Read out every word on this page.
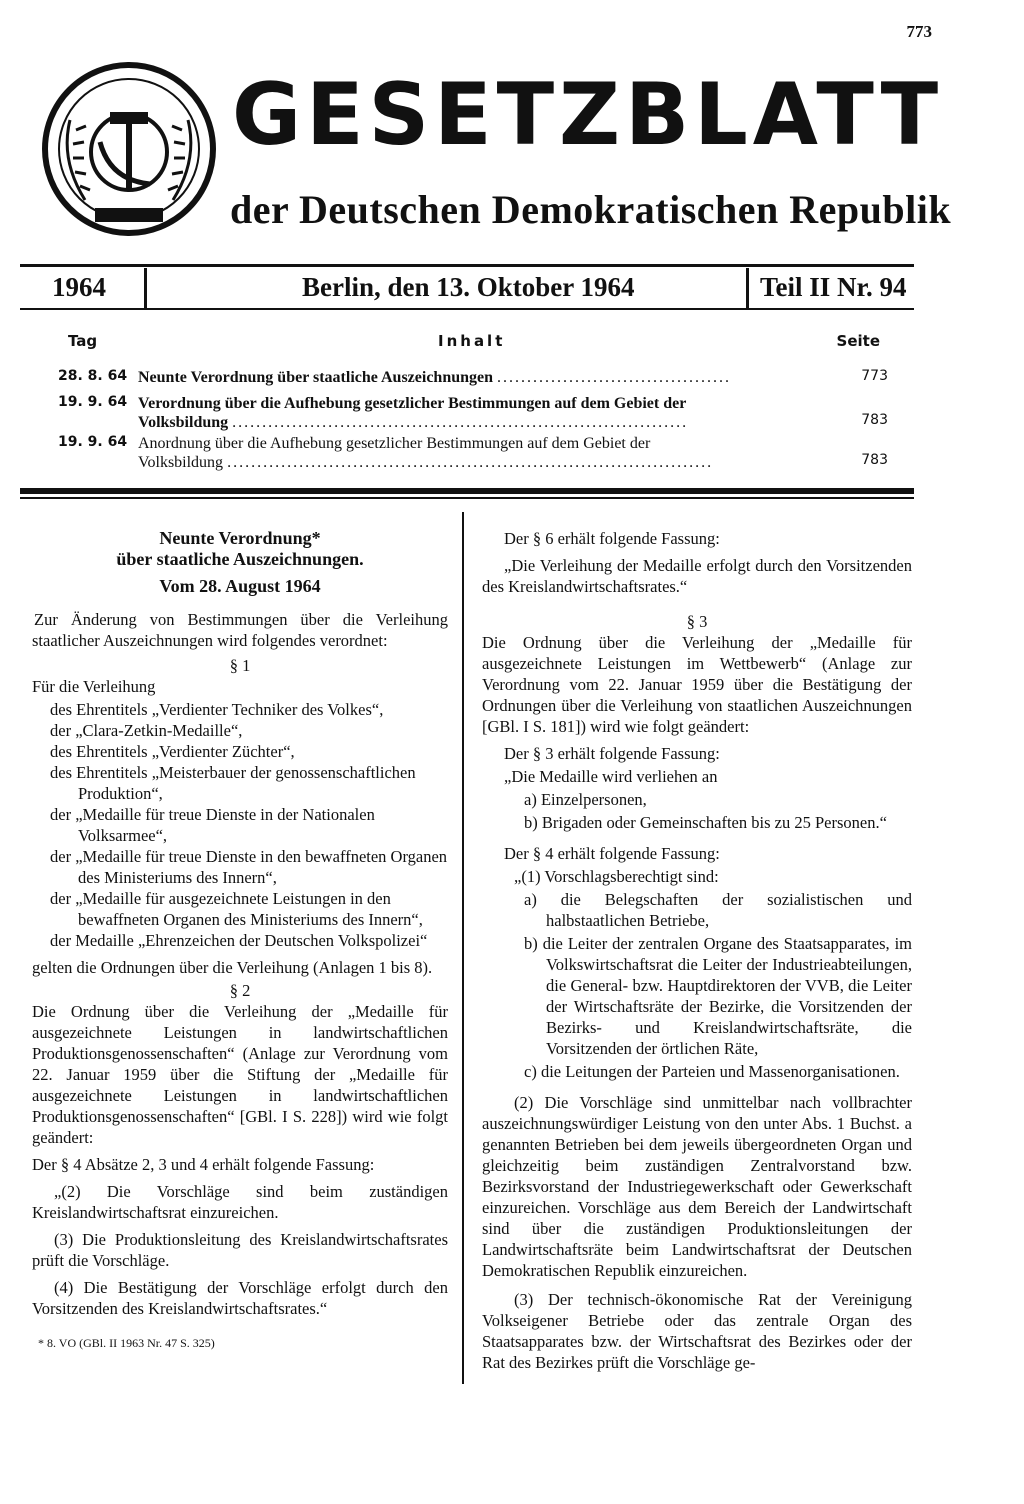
773
GESETZBLATT
der Deutschen Demokratischen Republik
1964	Berlin, den 13. Oktober 1964	Teil II Nr. 94
Tag	Inhalt	Seite
28. 8. 64 Neunte Verordnung über staatliche Auszeichnungen .......................................	773
19. 9. 64 Verordnung über die Aufhebung gesetzlicher Bestimmungen auf dem Gebiet der
Volksbildung ............................................................................	783
19. 9. 64 Anordnung über die Aufhebung gesetzlicher Bestimmungen auf dem Gebiet der
Volksbildung .................................................................................	783

Neunte Verordnung*

über staatliche Auszeichnungen.

Vom 28. August 1964

Zur Änderung von Bestimmungen über die Verleihung staatlicher Auszeichnungen wird folgendes verordnet:

§ 1

Für die Verleihung

des Ehrentitels „Verdienter Techniker des Volkes“,

der „Clara-Zetkin-Medaille“,

des Ehrentitels „Verdienter Züchter“,

des Ehrentitels „Meisterbauer der genossenschaftlichen Produktion“,

der „Medaille für treue Dienste in der Nationalen Volksarmee“,

der „Medaille für treue Dienste in den bewaffneten Organen des Ministeriums des Innern“,

der „Medaille für ausgezeichnete Leistungen in den bewaffneten Organen des Ministeriums des Innern“,

der Medaille „Ehrenzeichen der Deutschen Volkspolizei“

gelten die Ordnungen über die Verleihung (Anlagen 1 bis 8).

§ 2

Die Ordnung über die Verleihung der „Medaille für ausgezeichnete Leistungen in landwirtschaftlichen Produktionsgenossenschaften“ (Anlage zur Verordnung vom 22. Januar 1959 über die Stiftung der „Medaille für ausgezeichnete Leistungen in landwirtschaftlichen Produktionsgenossenschaften“ [GBl. I S. 228]) wird wie folgt geändert:

Der § 4 Absätze 2, 3 und 4 erhält folgende Fassung:

„(2) Die Vorschläge sind beim zuständigen Kreislandwirtschaftsrat einzureichen.

(3) Die Produktionsleitung des Kreislandwirtschaftsrates prüft die Vorschläge.

(4) Die Bestätigung der Vorschläge erfolgt durch den Vorsitzenden des Kreislandwirtschaftsrates.“

* 8. VO (GBl. II 1963 Nr. 47 S. 325)

Der § 6 erhält folgende Fassung:

„Die Verleihung der Medaille erfolgt durch den Vorsitzenden des Kreislandwirtschaftsrates.“

§ 3

Die Ordnung über die Verleihung der „Medaille für ausgezeichnete Leistungen im Wettbewerb“ (Anlage zur Verordnung vom 22. Januar 1959 über die Bestätigung der Ordnungen über die Verleihung von staatlichen Auszeichnungen [GBl. I S. 181]) wird wie folgt geändert:

Der § 3 erhält folgende Fassung:

„Die Medaille wird verliehen an

a) Einzelpersonen,

b) Brigaden oder Gemeinschaften bis zu 25 Personen.“

Der § 4 erhält folgende Fassung:

„(1) Vorschlagsberechtigt sind:

a) die Belegschaften der sozialistischen und halbstaatlichen Betriebe,

b) die Leiter der zentralen Organe des Staatsapparates, im Volkswirtschaftsrat die Leiter der Industrieabteilungen, die General- bzw. Hauptdirektoren der VVB, die Leiter der Wirtschaftsräte der Bezirke, die Vorsitzenden der Bezirks- und Kreislandwirtschaftsräte, die Vorsitzenden der örtlichen Räte,

c) die Leitungen der Parteien und Massenorganisationen.

(2) Die Vorschläge sind unmittelbar nach vollbrachter auszeichnungswürdiger Leistung von den unter Abs. 1 Buchst. a genannten Betrieben bei dem jeweils übergeordneten Organ und gleichzeitig beim zuständigen Zentralvorstand bzw. Bezirksvorstand der Industriegewerkschaft oder Gewerkschaft einzureichen. Vorschläge aus dem Bereich der Landwirtschaft sind über die zuständigen Produktionsleitungen der Landwirtschaftsräte beim Landwirtschaftsrat der Deutschen Demokratischen Republik einzureichen.

(3) Der technisch-ökonomische Rat der Vereinigung Volkseigener Betriebe oder das zentrale Organ des Staatsapparates bzw. der Wirtschaftsrat des Bezirkes oder der Rat des Bezirkes prüft die Vorschläge ge-
